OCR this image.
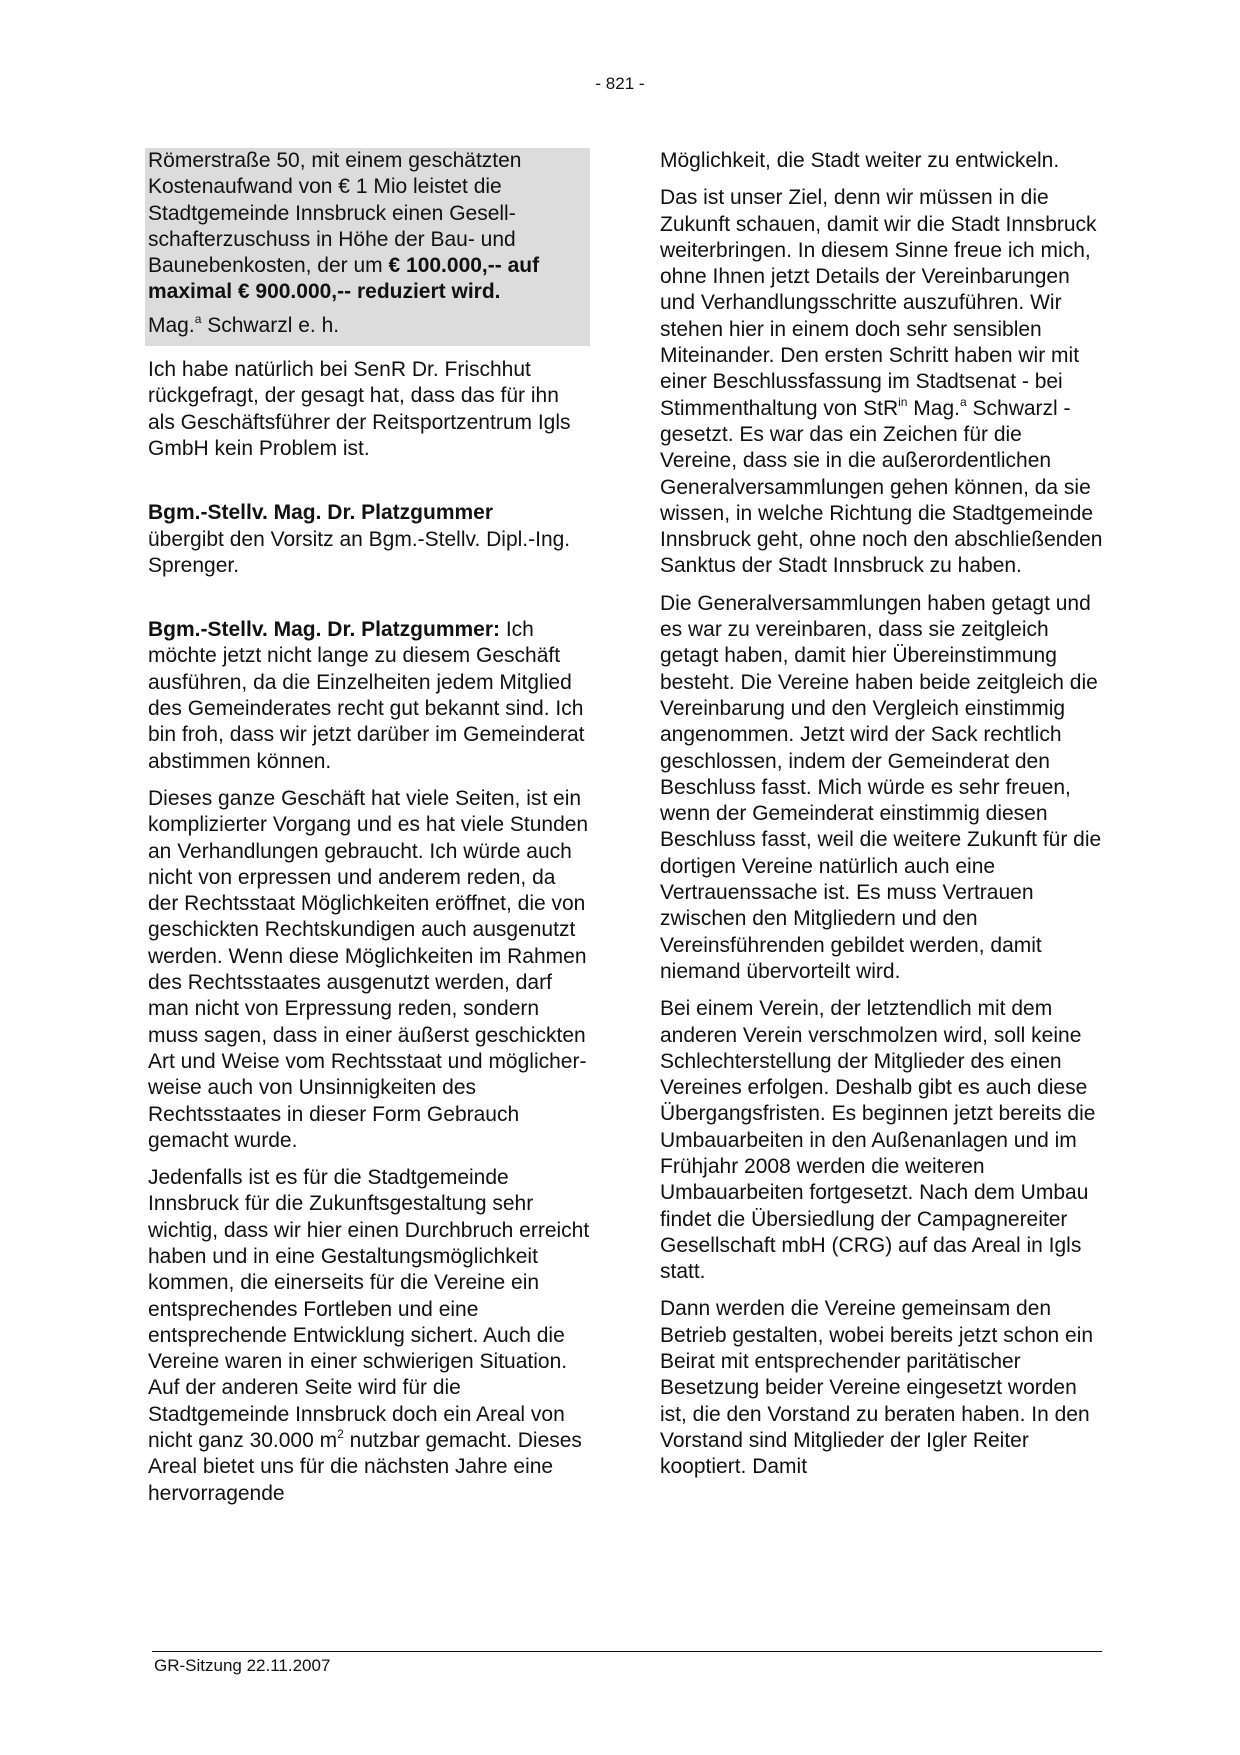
- 821 -

Römerstraße 50, mit einem geschätzten Kostenaufwand von € 1 Mio leistet die Stadtgemeinde Innsbruck einen Gesellschafterzuschuss in Höhe der Bau- und Baunebenkosten, der um € 100.000,-- auf maximal € 900.000,-- reduziert wird.

Mag.$^a$ Schwarzl e. h.

Ich habe natürlich bei SenR Dr. Frischhut rückgefragt, der gesagt hat, dass das für ihn als Geschäftsführer der Reitsportzentrum Igls GmbH kein Problem ist.

Bgm.-Stellv. Mag. Dr. Platzgummer
übergibt den Vorsitz an Bgm.-Stellv. Dipl.-Ing. Sprenger.

Bgm.-Stellv. Mag. Dr. Platzgummer: Ich möchte jetzt nicht lange zu diesem Geschäft ausführen, da die Einzelheiten jedem Mitglied des Gemeinderates recht gut bekannt sind. Ich bin froh, dass wir jetzt darüber im Gemeinderat abstimmen können.

Dieses ganze Geschäft hat viele Seiten, ist ein komplizierter Vorgang und es hat viele Stunden an Verhandlungen gebraucht. Ich würde auch nicht von erpressen und anderem reden, da der Rechtsstaat Möglichkeiten eröffnet, die von geschickten Rechtskundigen auch ausgenutzt werden. Wenn diese Möglichkeiten im Rahmen des Rechtsstaates ausgenutzt werden, darf man nicht von Erpressung reden, sondern muss sagen, dass in einer äußerst geschickten Art und Weise vom Rechtsstaat und möglicherweise auch von Unsinnigkeiten des Rechtsstaates in dieser Form Gebrauch gemacht wurde.

Jedenfalls ist es für die Stadtgemeinde Innsbruck für die Zukunftsgestaltung sehr wichtig, dass wir hier einen Durchbruch erreicht haben und in eine Gestaltungsmöglichkeit kommen, die einerseits für die Vereine ein entsprechendes Fortleben und eine entsprechende Entwicklung sichert. Auch die Vereine waren in einer schwierigen Situation. Auf der anderen Seite wird für die Stadtgemeinde Innsbruck doch ein Areal von nicht ganz 30.000 $m^2$ nutzbar gemacht. Dieses Areal bietet uns für die nächsten Jahre eine hervorragende

Möglichkeit, die Stadt weiter zu entwickeln.

Das ist unser Ziel, denn wir müssen in die Zukunft schauen, damit wir die Stadt Innsbruck weiterbringen. In diesem Sinne freue ich mich, ohne Ihnen jetzt Details der Vereinbarungen und Verhandlungsschritte auszuführen. Wir stehen hier in einem doch sehr sensiblen Miteinander. Den ersten Schritt haben wir mit einer Beschlussfassung im Stadtsenat - bei Stimmenthaltung von StR$^{in}$ Mag.$^a$ Schwarzl - gesetzt. Es war das ein Zeichen für die Vereine, dass sie in die außerordentlichen Generalversammlungen gehen können, da sie wissen, in welche Richtung die Stadtgemeinde Innsbruck geht, ohne noch den abschließenden Sanktus der Stadt Innsbruck zu haben.

Die Generalversammlungen haben getagt und es war zu vereinbaren, dass sie zeitgleich getagt haben, damit hier Übereinstimmung besteht. Die Vereine haben beide zeitgleich die Vereinbarung und den Vergleich einstimmig angenommen. Jetzt wird der Sack rechtlich geschlossen, indem der Gemeinderat den Beschluss fasst. Mich würde es sehr freuen, wenn der Gemeinderat einstimmig diesen Beschluss fasst, weil die weitere Zukunft für die dortigen Vereine natürlich auch eine Vertrauenssache ist. Es muss Vertrauen zwischen den Mitgliedern und den Vereinsführenden gebildet werden, damit niemand übervorteilt wird.

Bei einem Verein, der letztendlich mit dem anderen Verein verschmolzen wird, soll keine Schlechterstellung der Mitglieder des einen Vereines erfolgen. Deshalb gibt es auch diese Übergangsfristen. Es beginnen jetzt bereits die Umbauarbeiten in den Außenanlagen und im Frühjahr 2008 werden die weiteren Umbauarbeiten fortgesetzt. Nach dem Umbau findet die Übersiedlung der Campagnereiter Gesellschaft mbH (CRG) auf das Areal in Igls statt.

Dann werden die Vereine gemeinsam den Betrieb gestalten, wobei bereits jetzt schon ein Beirat mit entsprechender paritätischer Besetzung beider Vereine eingesetzt worden ist, die den Vorstand zu beraten haben. In den Vorstand sind Mitglieder der Igler Reiter kooptiert. Damit

GR-Sitzung 22.11.2007
